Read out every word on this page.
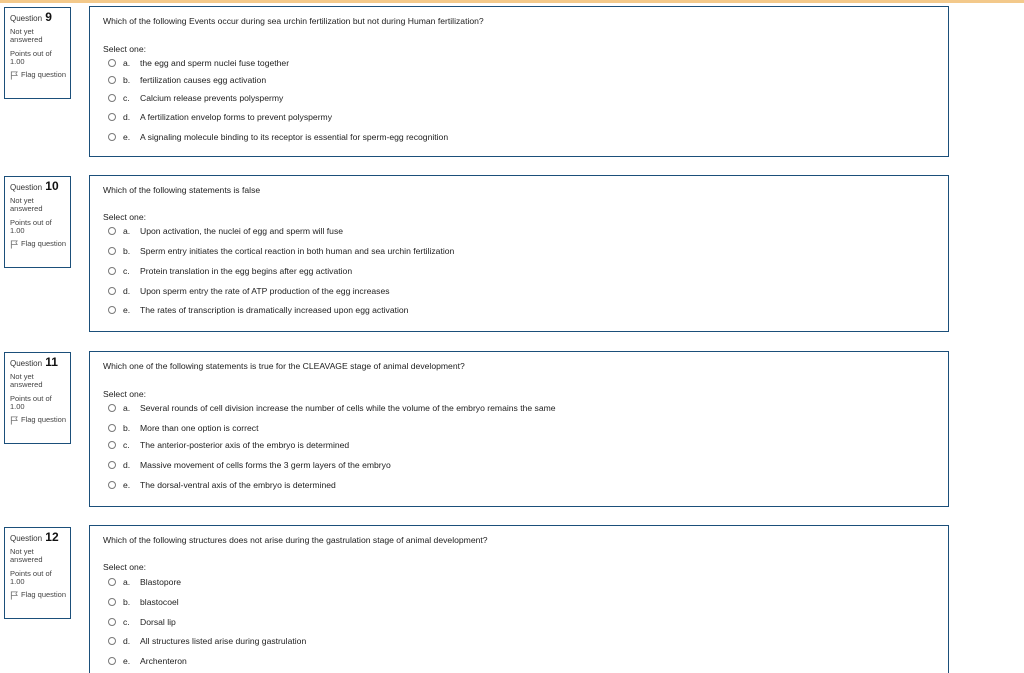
Question 9
Not yet answered
Points out of 1.00
Flag question
Which of the following Events occur during sea urchin fertilization but not during Human fertilization?
Select one:
a.	the egg and sperm nuclei fuse together
b.	fertilization causes egg activation
c.	Calcium release prevents polyspermy
d.	A fertilization envelop forms to prevent polyspermy
e.	A signaling molecule binding to its receptor is essential for sperm-egg recognition
Question 10
Not yet answered
Points out of 1.00
Flag question
Which of the following statements is false
Select one:
a.	Upon activation, the nuclei of egg and sperm will fuse
b.	Sperm entry initiates the cortical reaction in both human and sea urchin fertilization
c.	Protein translation in the egg begins after egg activation
d.	Upon sperm entry the rate of ATP production of the egg increases
e.	The rates of transcription is dramatically increased upon egg activation
Question 11
Not yet answered
Points out of 1.00
Flag question
Which one of the following statements is true for the CLEAVAGE stage of animal development?
Select one:
a.	Several rounds of cell division increase the number of cells while the volume of the embryo remains the same
b.	More than one option is correct
c.	The anterior-posterior axis of the embryo is determined
d.	Massive movement of cells forms the 3 germ layers of the embryo
e.	The dorsal-ventral axis of the embryo is determined
Question 12
Not yet answered
Points out of 1.00
Flag question
Which of the following structures does not arise during the gastrulation stage of animal development?
Select one:
a.	Blastopore
b.	blastocoel
c.	Dorsal lip
d.	All structures listed arise during gastrulation
e.	Archenteron
